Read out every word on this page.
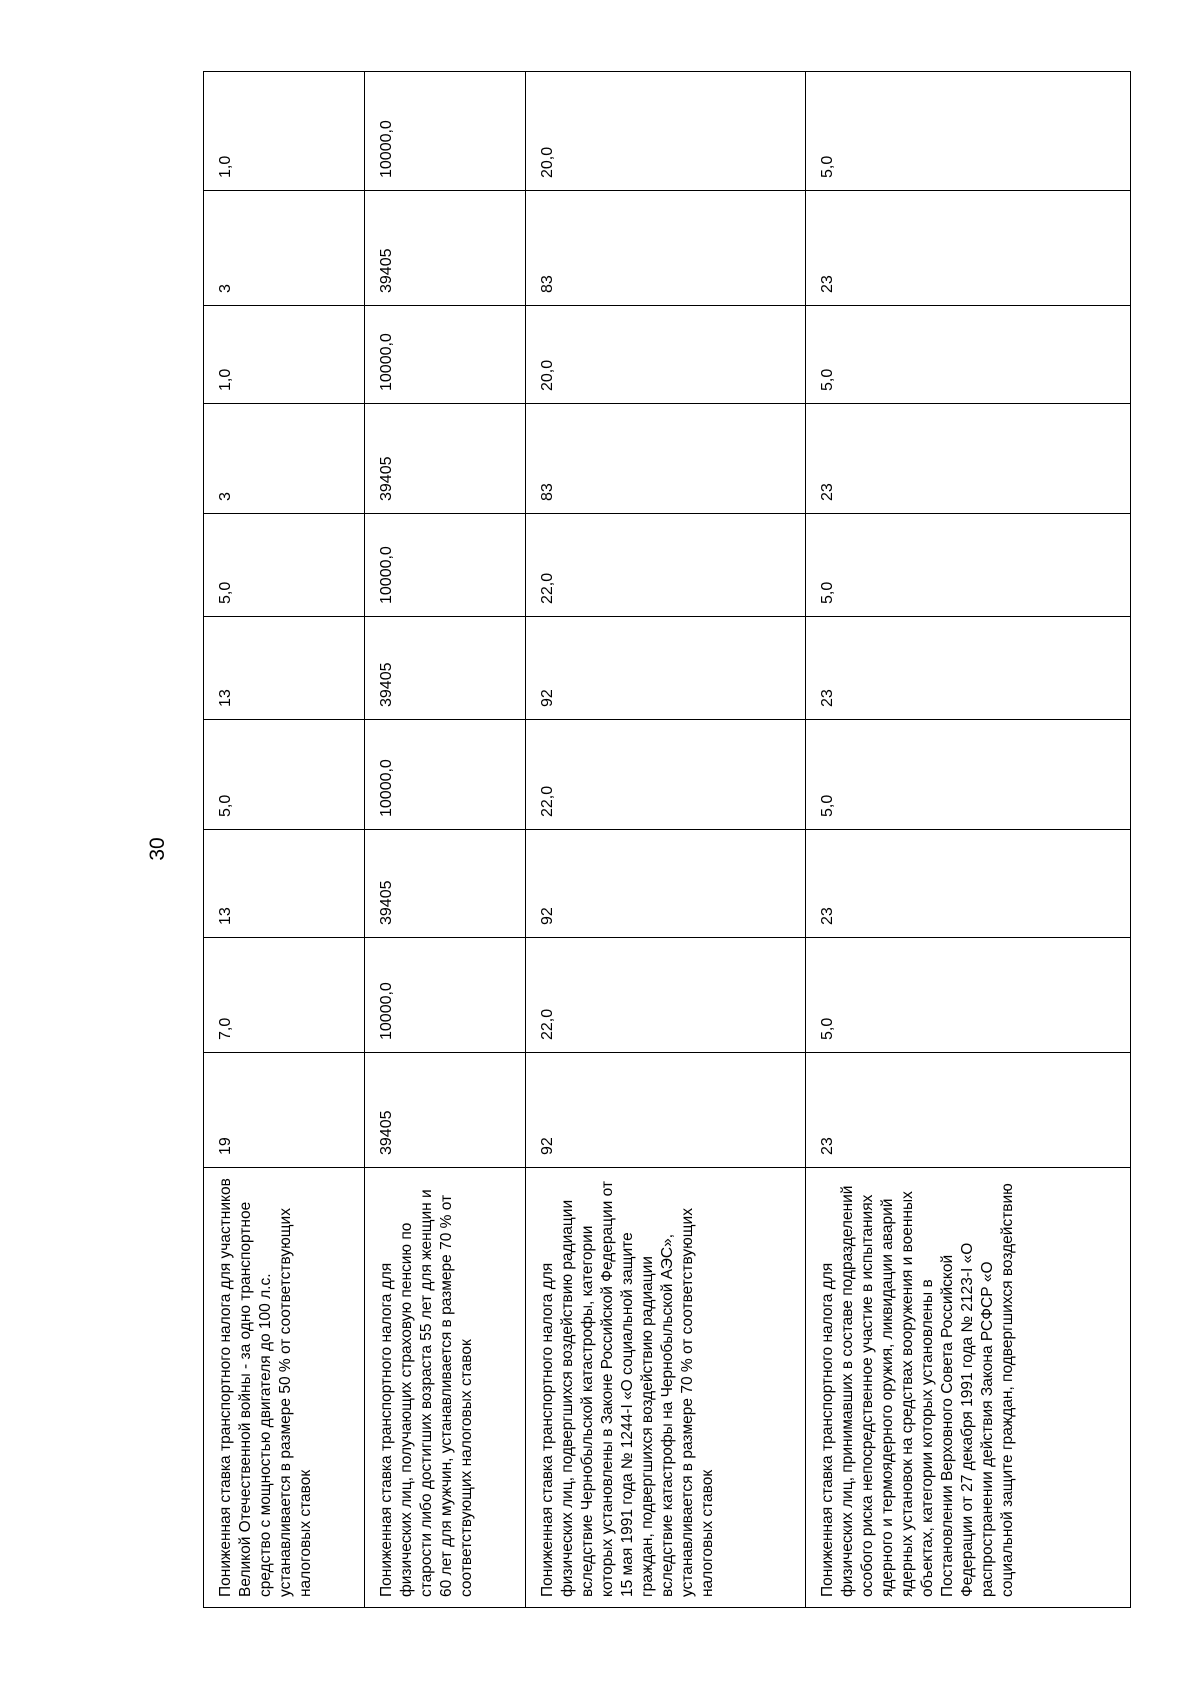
30
Пониженная ставка транспортного налога для участников Великой Отечественной войны - за одно транспортное средство с мощностью двигателя до 100 л.с. устанавливается в размере 50 % от соответствующих налоговых ставок	19	7,0	13	5,0	13	5,0	3	1,0	3	1,0
Пониженная ставка транспортного налога для физических лиц, получающих страховую пенсию по старости либо достигших возраста 55 лет для женщин и 60 лет для мужчин, устанавливается в размере 70 % от соответствующих налоговых ставок	39405	10000,0	39405	10000,0	39405	10000,0	39405	10000,0	39405	10000,0
Пониженная ставка транспортного налога для физических лиц, подвергшихся воздействию радиации вследствие Чернобыльской катастрофы, категории которых установлены в Законе Российской Федерации от 15 мая 1991 года № 1244-I «О социальной защите граждан, подвергшихся воздействию радиации вследствие катастрофы на Чернобыльской АЭС», устанавливается в размере 70 % от соответствующих налоговых ставок	92	22,0	92	22,0	92	22,0	83	20,0	83	20,0
Пониженная ставка транспортного налога для физических лиц, принимавших в составе подразделений особого риска непосредственное участие в испытаниях ядерного и термоядерного оружия, ликвидации аварий ядерных установок на средствах вооружения и военных объектах, категории которых установлены в Постановлении Верховного Совета Российской Федерации от 27 декабря 1991 года № 2123-I «О распространении действия Закона РСФСР «О социальной защите граждан, подвергшихся воздействию	23	5,0	23	5,0	23	5,0	23	5,0	23	5,0
